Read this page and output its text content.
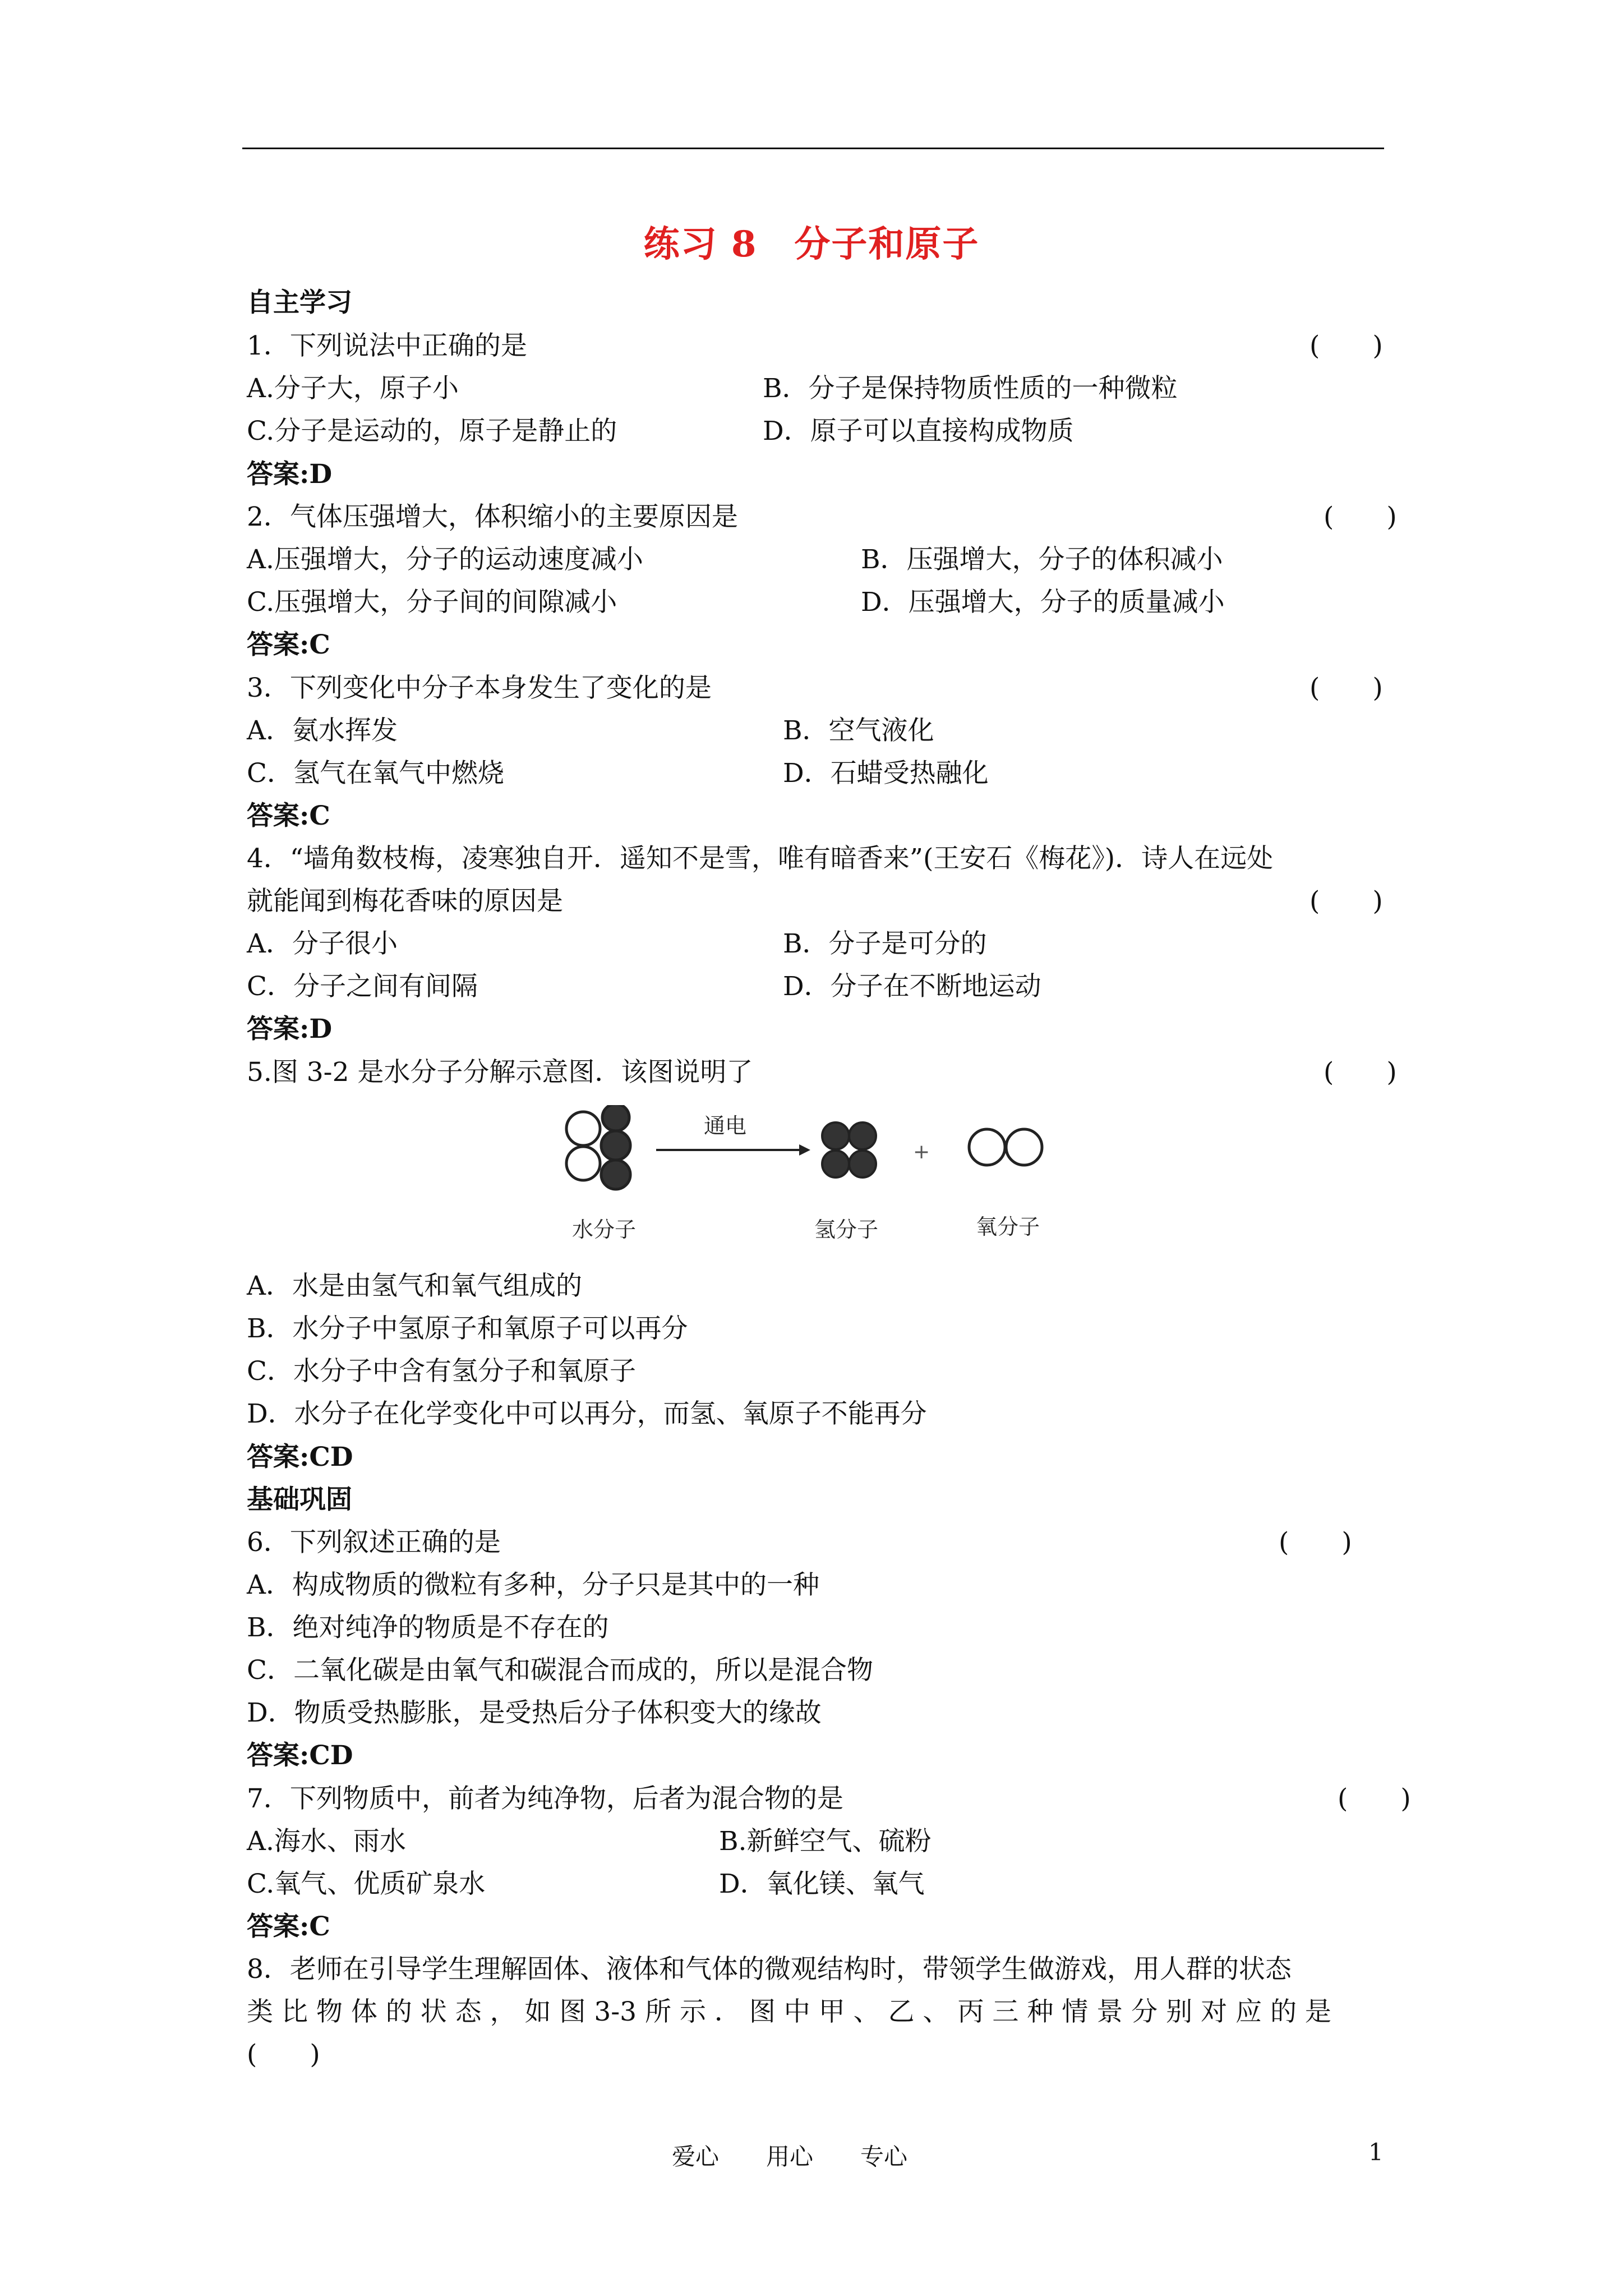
练习 8　分子和原子
自主学习
1．下列说法中正确的是	(　　)
A.分子大，原子小	B．分子是保持物质性质的一种微粒
C.分子是运动的，原子是静止的	D．原子可以直接构成物质
答案:D
2．气体压强增大，体积缩小的主要原因是	(　　)
A.压强增大，分子的运动速度减小	B．压强增大，分子的体积减小
C.压强增大，分子间的间隙减小	D．压强增大，分子的质量减小
答案:C
3．下列变化中分子本身发生了变化的是	(　　)
A．氨水挥发	B．空气液化
C．氢气在氧气中燃烧	D．石蜡受热融化
答案:C
4．“墙角数枝梅，凌寒独自开．遥知不是雪，唯有暗香来”(王安石《梅花》)．诗人在远处
就能闻到梅花香味的原因是	(　　)
A．分子很小	B．分子是可分的
C．分子之间有间隔	D．分子在不断地运动
答案:D
5.图 3-2 是水分子分解示意图．该图说明了	(　　)
通电
+
水分子	氢分子	氧分子
A．水是由氢气和氧气组成的
B．水分子中氢原子和氧原子可以再分
C．水分子中含有氢分子和氧原子
D．水分子在化学变化中可以再分，而氢、氧原子不能再分
答案:CD
基础巩固
6．下列叙述正确的是	(　　)
A．构成物质的微粒有多种，分子只是其中的一种
B．绝对纯净的物质是不存在的
C．二氧化碳是由氧气和碳混合而成的，所以是混合物
D．物质受热膨胀，是受热后分子体积变大的缘故
答案:CD
7．下列物质中，前者为纯净物，后者为混合物的是	(　　)
A.海水、雨水	B.新鲜空气、硫粉
C.氧气、优质矿泉水	D．氧化镁、氧气
答案:C
8．老师在引导学生理解固体、液体和气体的微观结构时，带领学生做游戏，用人群的状态
类 比 物 体 的 状 态 ， 如 图 3-3 所 示 ． 图 中 甲 、 乙 、 丙 三 种 情 景 分 别 对 应 的 是
(　　)
爱心　　用心　　专心	1
